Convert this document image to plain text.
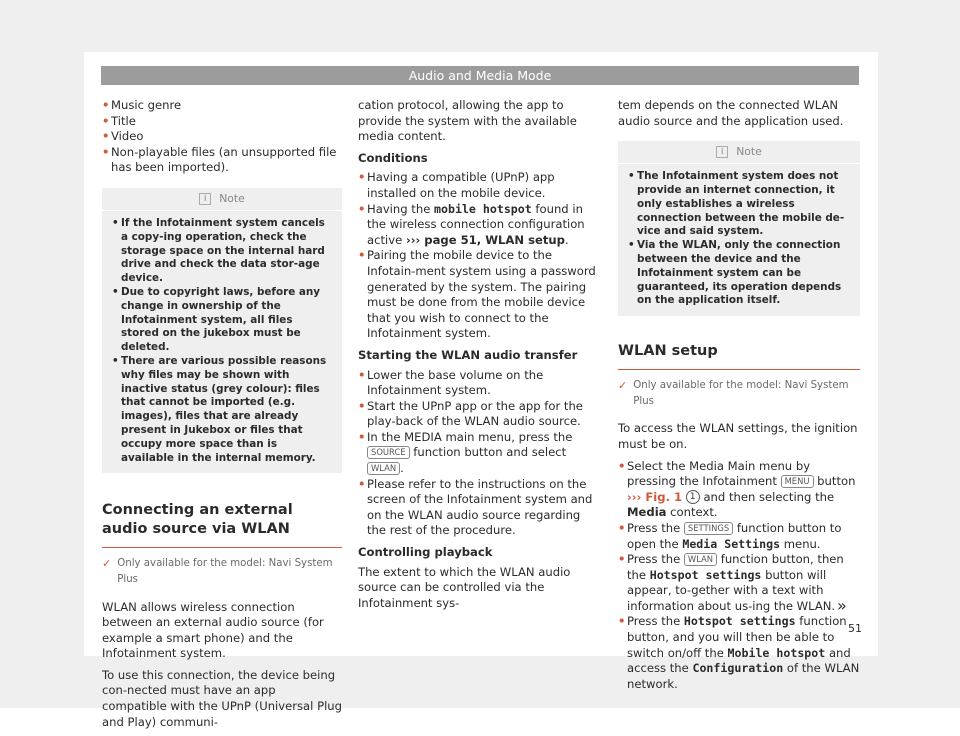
Audio and Media Mode

• Music genre

• Title

• Video

• Non-playable files (an unsupported file has been imported).

i	Note

• If the Infotainment system cancels a copy-ing operation, check the storage space on the internal hard drive and check the data stor-age device.

• Due to copyright laws, before any change in ownership of the Infotainment system, all files stored on the jukebox must be deleted.

• There are various possible reasons why files may be shown with inactive status (grey colour): files that cannot be imported (e.g. images), files that are already present in Jukebox or files that occupy more space than is available in the internal memory.

Connecting an external audio source via WLAN
✓ Only available for the model: Navi System Plus

WLAN allows wireless connection between an external audio source (for example a smart phone) and the Infotainment system.

To use this connection, the device being con-nected must have an app compatible with the UPnP (Universal Plug and Play) communi-

cation protocol, allowing the app to provide the system with the available media content.

Conditions

• Having a compatible (UPnP) app installed on the mobile device.

• Having the mobile hotspot found in the wireless connection configuration active ››› page 51, WLAN setup.

• Pairing the mobile device to the Infotain-ment system using a password generated by the system. The pairing must be done from the mobile device that you wish to connect to the Infotainment system.

Starting the WLAN audio transfer

• Lower the base volume on the Infotainment system.

• Start the UPnP app or the app for the play-back of the WLAN audio source.

• In the MEDIA main menu, press the SOURCE function button and select WLAN .

• Please refer to the instructions on the screen of the Infotainment system and on the WLAN audio source regarding the rest of the procedure.

Controlling playback

The extent to which the WLAN audio source can be controlled via the Infotainment sys-

tem depends on the connected WLAN audio source and the application used.

i	Note

• The Infotainment system does not provide an internet connection, it only establishes a wireless connection between the mobile de-vice and said system.

• Via the WLAN, only the connection between the device and the Infotainment system can be guaranteed, its operation depends on the application itself.

WLAN setup
✓ Only available for the model: Navi System Plus

To access the WLAN settings, the ignition must be on.

• Select the Media Main menu by pressing the Infotainment MENU button ››› Fig. 1 1 and then selecting the Media context.

• Press the SETTINGS function button to open the Media Settings menu.

• Press the WLAN function button, then the Hotspot settings button will appear, to-gether with a text with information about us-ing the WLAN.

• Press the Hotspot settings function button, and you will then be able to switch on/off the Mobile hotspot and access the Configuration of the WLAN network.

»
51
